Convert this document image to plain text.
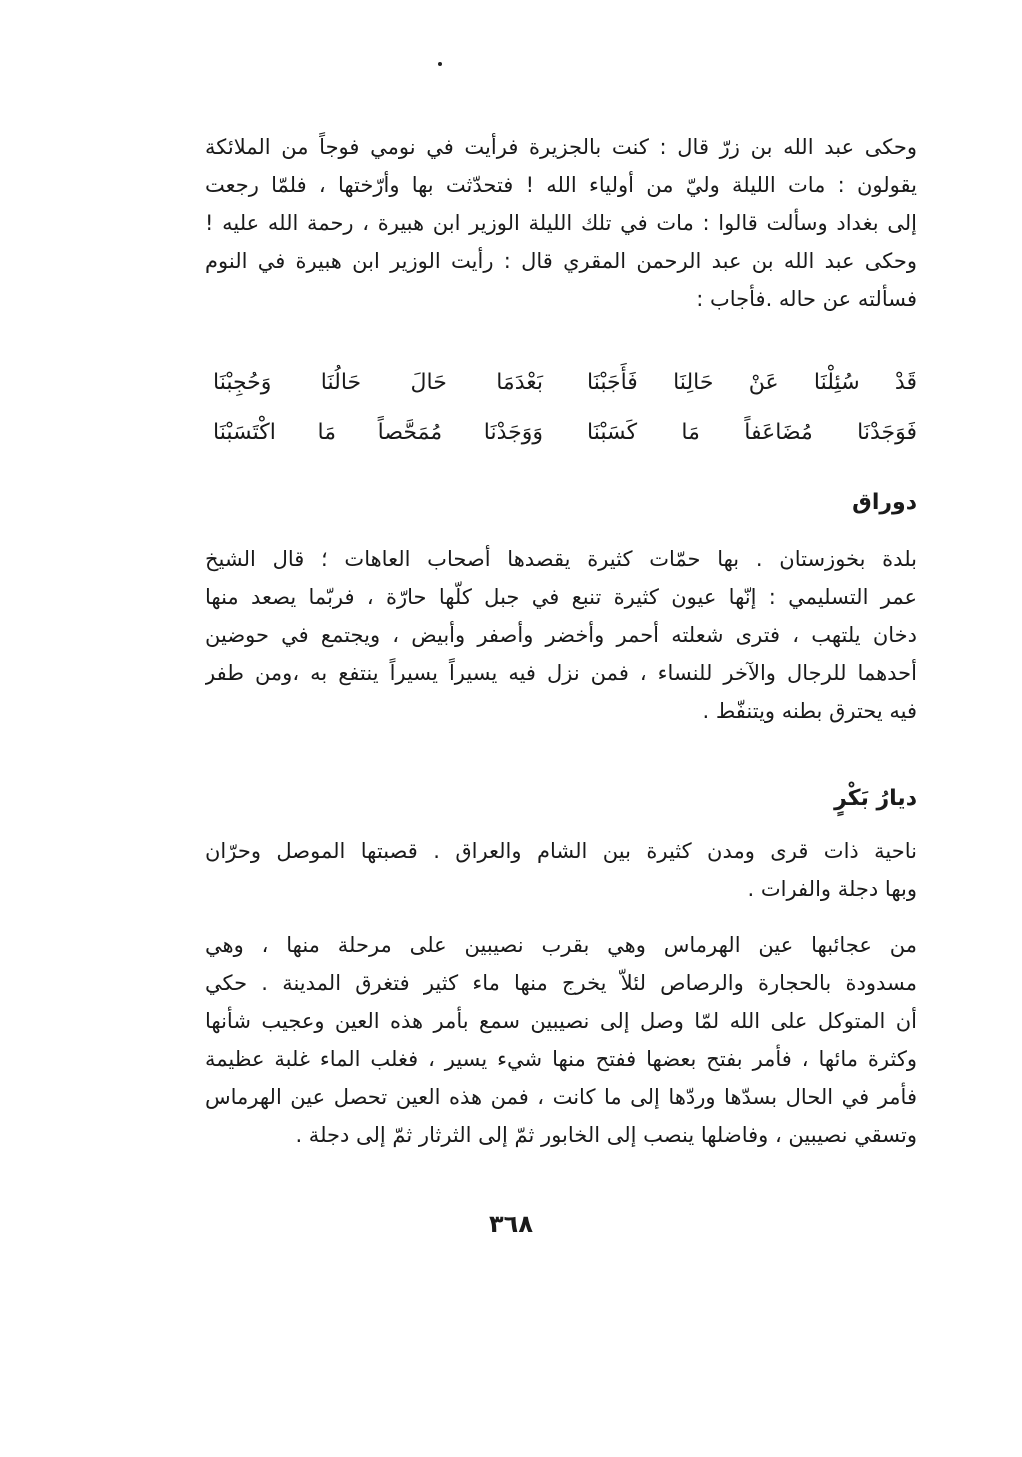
وحكى عبد الله بن زرّ قال : كنت بالجزيرة فرأيت في نومي فوجاً من الملائكة
يقولون : مات الليلة وليّ من أولياء الله ! فتحدّثت بها وأرّختها ، فلمّا رجعت
إلى بغداد وسألت قالوا : مات في تلك الليلة الوزير ابن هبيرة ، رحمة الله عليه !
وحكى عبد الله بن عبد الرحمن المقري قال : رأيت الوزير ابن هبيرة في النوم
فسألته عن حاله .فأجاب :
قَدْ سُئِلْنَا عَنْ حَالِنَا فَأَجَبْنَا
بَعْدَمَا حَالَ حَالُنَا وَحُجِبْنَا
فَوَجَدْنَا مُضَاعَفاً مَا كَسَبْنَا
وَوَجَدْنَا مُمَحَّصاً مَا اكْتَسَبْنَا
دوراق
بلدة بخوزستان . بها حمّات كثيرة يقصدها أصحاب العاهات ؛ قال الشيخ
عمر التسليمي : إنّها عيون كثيرة تنبع في جبل كلّها حارّة ، فربّما يصعد منها
دخان يلتهب ، فترى شعلته أحمر وأخضر وأصفر وأبيض ، ويجتمع في حوضين
أحدهما للرجال والآخر للنساء ، فمن نزل فيه يسيراً يسيراً ينتفع به ،ومن طفر
فيه يحترق بطنه ويتنفّط .
ديارُ بَكْرٍ
ناحية ذات قرى ومدن كثيرة بين الشام والعراق . قصبتها الموصل وحرّان
وبها دجلة والفرات .
من عجائبها عين الهرماس وهي بقرب نصيبين على مرحلة منها ، وهي
مسدودة بالحجارة والرصاص لئلاّ يخرج منها ماء كثير فتغرق المدينة . حكي
أن المتوكل على الله لمّا وصل إلى نصيبين سمع بأمر هذه العين وعجيب شأنها
وكثرة مائها ، فأمر بفتح بعضها ففتح منها شيء يسير ، فغلب الماء غلبة عظيمة
فأمر في الحال بسدّها وردّها إلى ما كانت ، فمن هذه العين تحصل عين الهرماس
وتسقي نصيبين ، وفاضلها ينصب إلى الخابور ثمّ إلى الثرثار ثمّ إلى دجلة .
٣٦٨
